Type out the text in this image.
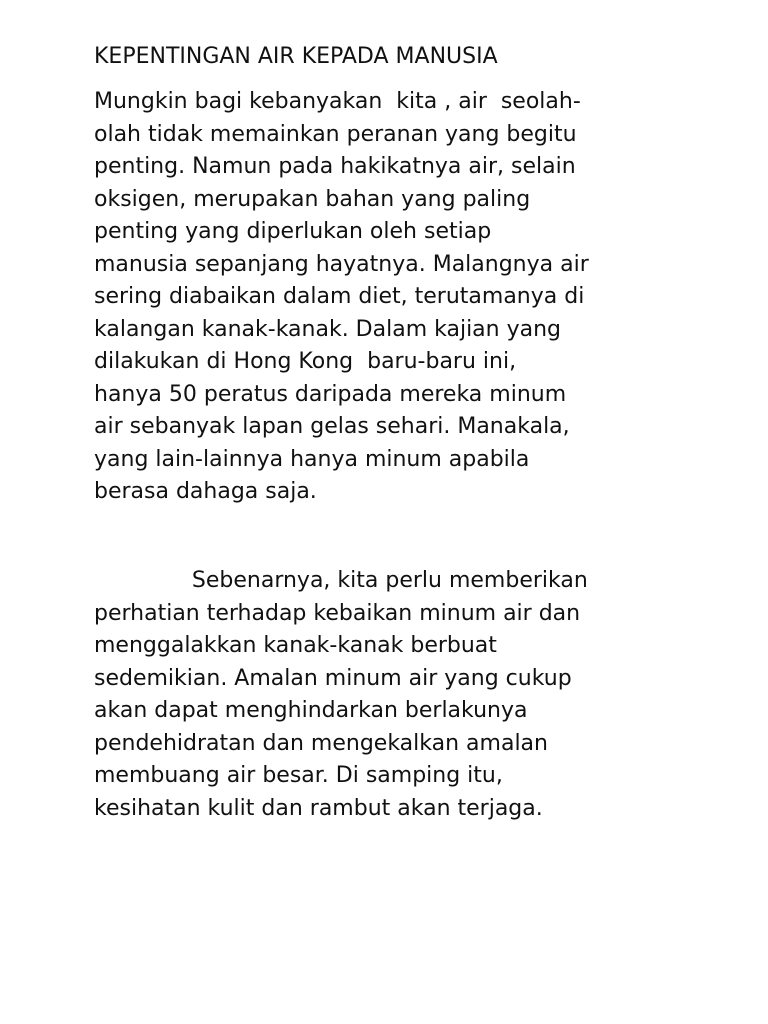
KEPENTINGAN AIR KEPADA MANUSIA
Mungkin bagi kebanyakan  kita , air  seolah-
olah tidak memainkan peranan yang begitu
penting. Namun pada hakikatnya air, selain
oksigen, merupakan bahan yang paling
penting yang diperlukan oleh setiap
manusia sepanjang hayatnya. Malangnya air
sering diabaikan dalam diet, terutamanya di
kalangan kanak-kanak. Dalam kajian yang
dilakukan di Hong Kong  baru-baru ini,
hanya 50 peratus daripada mereka minum
air sebanyak lapan gelas sehari. Manakala,
yang lain-lainnya hanya minum apabila
berasa dahaga saja.
Sebenarnya, kita perlu memberikan
perhatian terhadap kebaikan minum air dan
menggalakkan kanak-kanak berbuat
sedemikian. Amalan minum air yang cukup
akan dapat menghindarkan berlakunya
pendehidratan dan mengekalkan amalan
membuang air besar. Di samping itu,
kesihatan kulit dan rambut akan terjaga.
